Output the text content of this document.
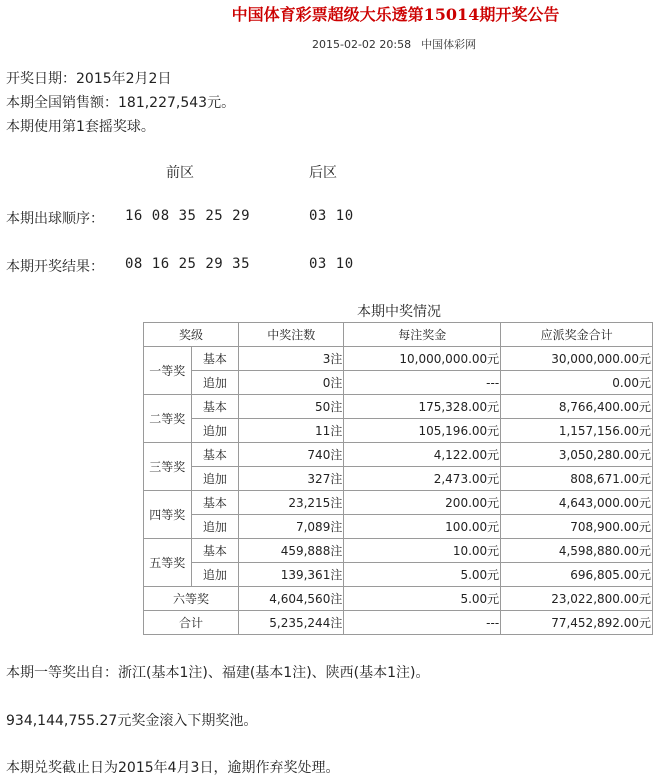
中国体育彩票超级大乐透第15014期开奖公告
2015-02-02 20:58 中国体彩网
开奖日期：2015年2月2日
本期全国销售额：181,227,543元。
本期使用第1套摇奖球。
前区	后区
本期出球顺序： 16 08 35 25 29	03 10
本期开奖结果： 08 16 25 29 35	03 10
本期中奖情况
奖级		中奖注数	每注奖金	应派奖金合计
一等奖	基本	3注	10,000,000.00元	30,000,000.00元
	追加	0注	---	0.00元
二等奖	基本	50注	175,328.00元	8,766,400.00元
	追加	11注	105,196.00元	1,157,156.00元
三等奖	基本	740注	4,122.00元	3,050,280.00元
	追加	327注	2,473.00元	808,671.00元
四等奖	基本	23,215注	200.00元	4,643,000.00元
	追加	7,089注	100.00元	708,900.00元
五等奖	基本	459,888注	10.00元	4,598,880.00元
	追加	139,361注	5.00元	696,805.00元
六等奖		4,604,560注	5.00元	23,022,800.00元
合计		5,235,244注	---	77,452,892.00元
本期一等奖出自：浙江(基本1注)、福建(基本1注)、陕西(基本1注)。
934,144,755.27元奖金滚入下期奖池。
本期兑奖截止日为2015年4月3日，逾期作弃奖处理。
